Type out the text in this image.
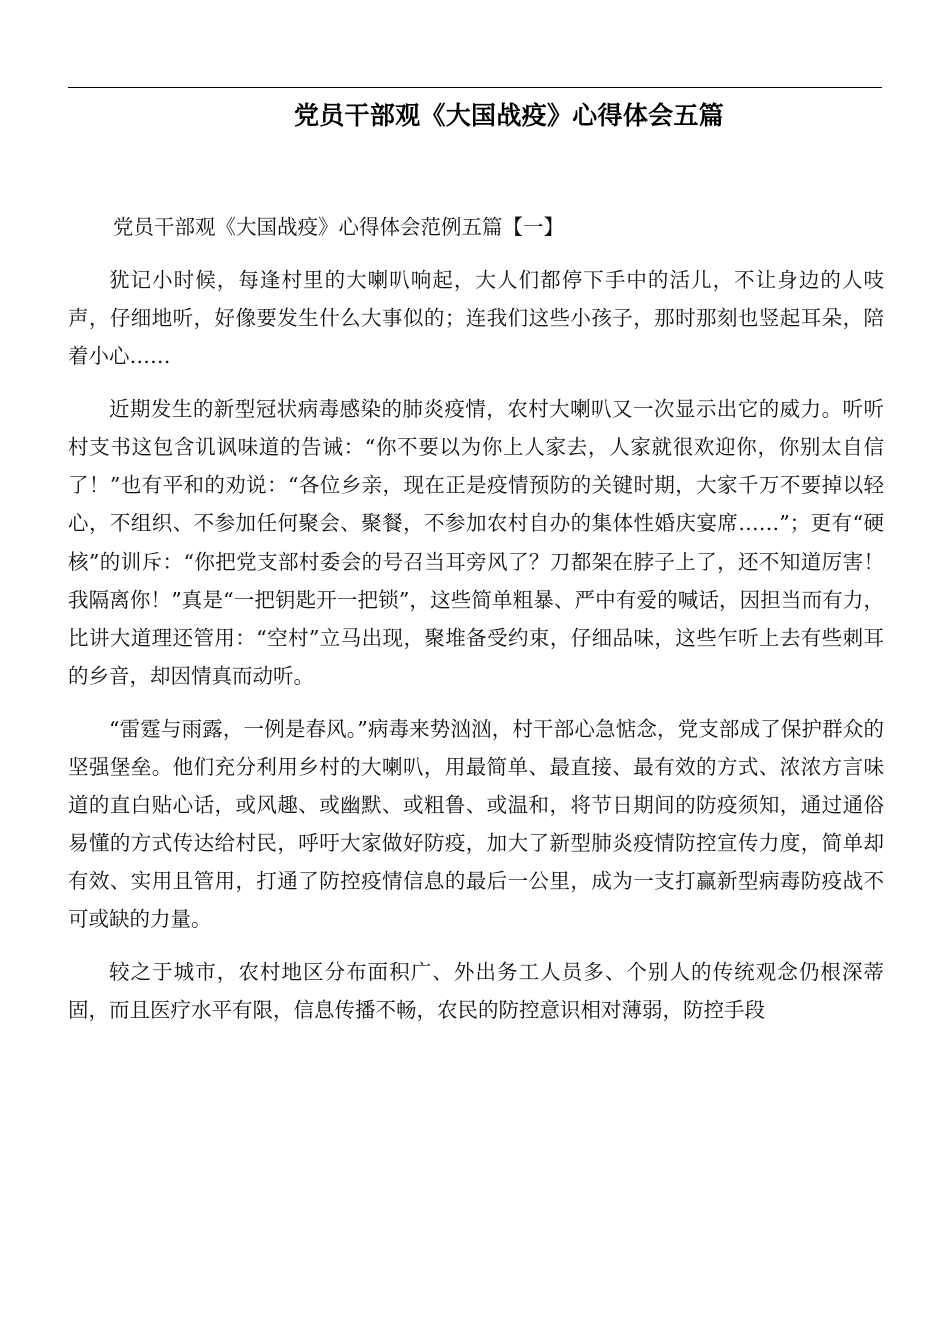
党员干部观《大国战疫》心得体会五篇

党员干部观《大国战疫》心得体会范例五篇【一】

犹记小时候，每逢村里的大喇叭响起，大人们都停下手中的活儿，不让身边的人吱声，仔细地听，好像要发生什么大事似的；连我们这些小孩子，那时那刻也竖起耳朵，陪着小心……

近期发生的新型冠状病毒感染的肺炎疫情，农村大喇叭又一次显示出它的威力。听听村支书这包含讥讽味道的告诫：“你不要以为你上人家去，人家就很欢迎你，你别太自信了！”也有平和的劝说：“各位乡亲，现在正是疫情预防的关键时期，大家千万不要掉以轻心，不组织、不参加任何聚会、聚餐，不参加农村自办的集体性婚庆宴席……”；更有“硬核”的训斥：“你把党支部村委会的号召当耳旁风了？刀都架在脖子上了，还不知道厉害！我隔离你！”真是“一把钥匙开一把锁”，这些简单粗暴、严中有爱的喊话，因担当而有力，比讲大道理还管用：“空村”立马出现，聚堆备受约束，仔细品味，这些乍听上去有些刺耳的乡音，却因情真而动听。

“雷霆与雨露，一例是春风。”病毒来势汹汹，村干部心急惦念，党支部成了保护群众的坚强堡垒。他们充分利用乡村的大喇叭，用最简单、最直接、最有效的方式、浓浓方言味道的直白贴心话，或风趣、或幽默、或粗鲁、或温和，将节日期间的防疫须知，通过通俗易懂的方式传达给村民，呼吁大家做好防疫，加大了新型肺炎疫情防控宣传力度，简单却有效、实用且管用，打通了防控疫情信息的最后一公里，成为一支打赢新型病毒防疫战不可或缺的力量。

较之于城市，农村地区分布面积广、外出务工人员多、个别人的传统观念仍根深蒂固，而且医疗水平有限，信息传播不畅，农民的防控意识相对薄弱，防控手段
